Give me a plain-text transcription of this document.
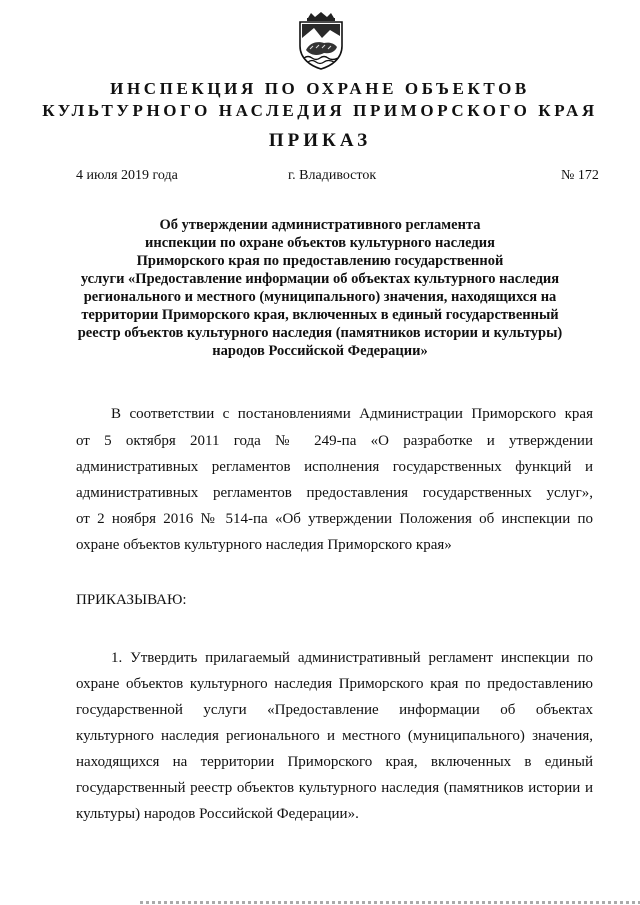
ИНСПЕКЦИЯ ПО ОХРАНЕ ОБЪЕКТОВ
КУЛЬТУРНОГО НАСЛЕДИЯ ПРИМОРСКОГО КРАЯ
ПРИКАЗ
4 июля 2019 года	г. Владивосток	№ 172
Об утверждении административного регламента
инспекции по охране объектов культурного наследия
Приморского края по предоставлению государственной
услуги «Предоставление информации об объектах культурного наследия
регионального и местного (муниципального) значения, находящихся на
территории Приморского края, включенных в единый государственный
реестр объектов культурного наследия (памятников истории и культуры)
народов Российской Федерации»
В соответствии с постановлениями Администрации Приморского края
от 5 октября 2011 года № 249-па «О разработке и утверждении
административных регламентов исполнения государственных функций и
административных регламентов предоставления государственных услуг»,
от 2 ноября 2016 № 514-па «Об утверждении Положения об инспекции по
охране объектов культурного наследия Приморского края»
ПРИКАЗЫВАЮ:
1. Утвердить прилагаемый административный регламент инспекции по
охране объектов культурного наследия Приморского края по предоставлению
государственной услуги «Предоставление информации об объектах
культурного наследия регионального и местного (муниципального) значения,
находящихся на территории Приморского края, включенных в единый
государственный реестр объектов культурного наследия (памятников истории и
культуры) народов Российской Федерации».
